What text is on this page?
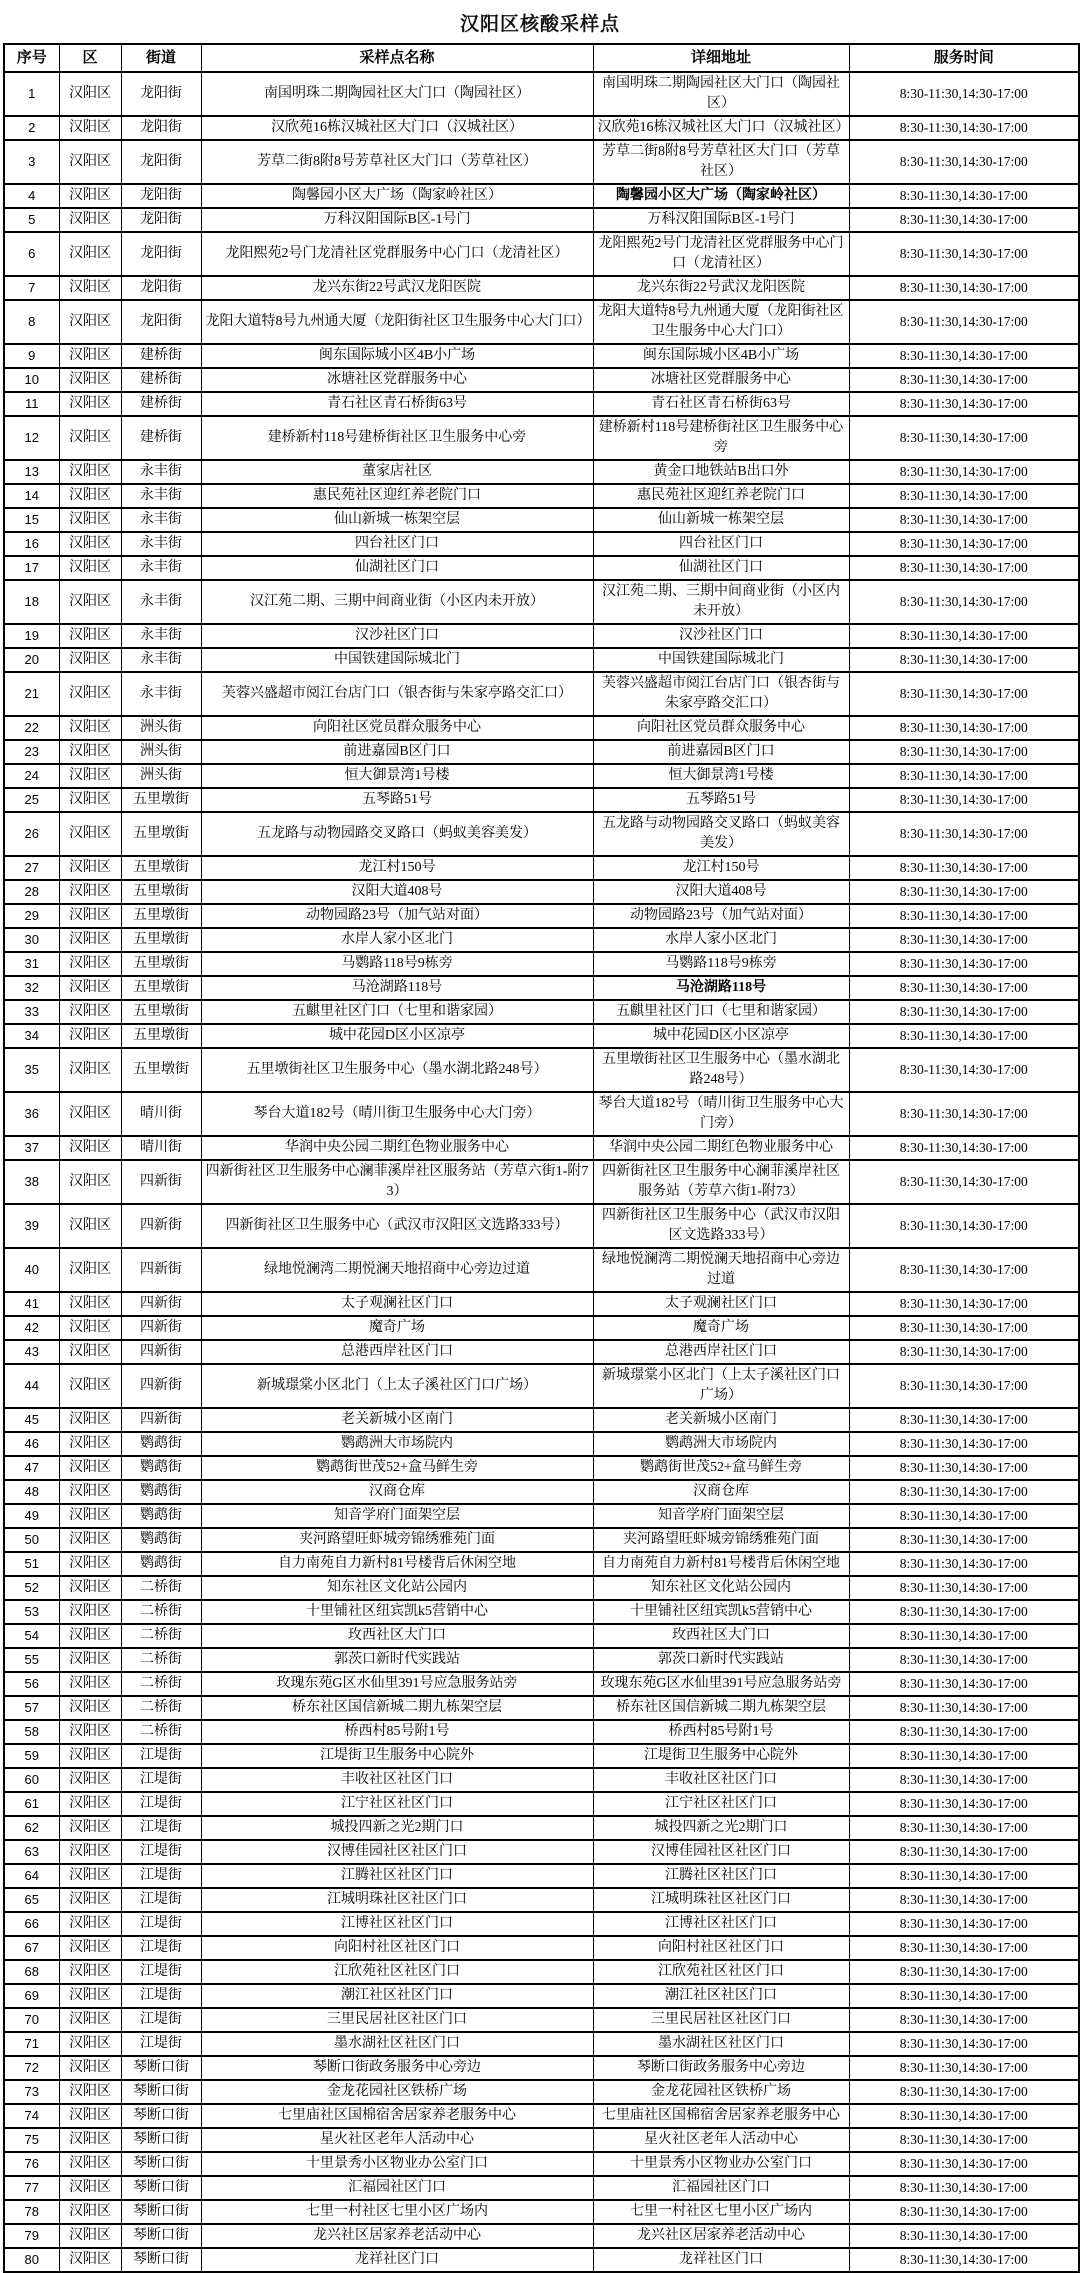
汉阳区核酸采样点
序号	区	街道	采样点名称	详细地址	服务时间
1	汉阳区	龙阳街	南国明珠二期陶园社区大门口（陶园社区）	南国明珠二期陶园社区大门口（陶园社区）	8:30-11:30,14:30-17:00
2	汉阳区	龙阳街	汉欣苑16栋汉城社区大门口（汉城社区）	汉欣苑16栋汉城社区大门口（汉城社区）	8:30-11:30,14:30-17:00
3	汉阳区	龙阳街	芳草二街8附8号芳草社区大门口（芳草社区）	芳草二街8附8号芳草社区大门口（芳草社区）	8:30-11:30,14:30-17:00
4	汉阳区	龙阳街	陶馨园小区大广场（陶家岭社区）	陶馨园小区大广场（陶家岭社区）	8:30-11:30,14:30-17:00
5	汉阳区	龙阳街	万科汉阳国际B区-1号门	万科汉阳国际B区-1号门	8:30-11:30,14:30-17:00
6	汉阳区	龙阳街	龙阳熙苑2号门龙清社区党群服务中心门口（龙清社区）	龙阳熙苑2号门龙清社区党群服务中心门口（龙清社区）	8:30-11:30,14:30-17:00
7	汉阳区	龙阳街	龙兴东街22号武汉龙阳医院	龙兴东街22号武汉龙阳医院	8:30-11:30,14:30-17:00
8	汉阳区	龙阳街	龙阳大道特8号九州通大厦（龙阳街社区卫生服务中心大门口）	龙阳大道特8号九州通大厦（龙阳街社区卫生服务中心大门口）	8:30-11:30,14:30-17:00
9	汉阳区	建桥街	闽东国际城小区4B小广场	闽东国际城小区4B小广场	8:30-11:30,14:30-17:00
10	汉阳区	建桥街	冰塘社区党群服务中心	冰塘社区党群服务中心	8:30-11:30,14:30-17:00
11	汉阳区	建桥街	青石社区青石桥街63号	青石社区青石桥街63号	8:30-11:30,14:30-17:00
12	汉阳区	建桥街	建桥新村118号建桥街社区卫生服务中心旁	建桥新村118号建桥街社区卫生服务中心旁	8:30-11:30,14:30-17:00
13	汉阳区	永丰街	董家店社区	黄金口地铁站B出口外	8:30-11:30,14:30-17:00
14	汉阳区	永丰街	惠民苑社区迎红养老院门口	惠民苑社区迎红养老院门口	8:30-11:30,14:30-17:00
15	汉阳区	永丰街	仙山新城一栋架空层	仙山新城一栋架空层	8:30-11:30,14:30-17:00
16	汉阳区	永丰街	四台社区门口	四台社区门口	8:30-11:30,14:30-17:00
17	汉阳区	永丰街	仙湖社区门口	仙湖社区门口	8:30-11:30,14:30-17:00
18	汉阳区	永丰街	汉江苑二期、三期中间商业街（小区内未开放）	汉江苑二期、三期中间商业街（小区内未开放）	8:30-11:30,14:30-17:00
19	汉阳区	永丰街	汉沙社区门口	汉沙社区门口	8:30-11:30,14:30-17:00
20	汉阳区	永丰街	中国铁建国际城北门	中国铁建国际城北门	8:30-11:30,14:30-17:00
21	汉阳区	永丰街	芙蓉兴盛超市阅江台店门口（银杏街与朱家亭路交汇口）	芙蓉兴盛超市阅江台店门口（银杏街与朱家亭路交汇口）	8:30-11:30,14:30-17:00
22	汉阳区	洲头街	向阳社区党员群众服务中心	向阳社区党员群众服务中心	8:30-11:30,14:30-17:00
23	汉阳区	洲头街	前进嘉园B区门口	前进嘉园B区门口	8:30-11:30,14:30-17:00
24	汉阳区	洲头街	恒大御景湾1号楼	恒大御景湾1号楼	8:30-11:30,14:30-17:00
25	汉阳区	五里墩街	五琴路51号	五琴路51号	8:30-11:30,14:30-17:00
26	汉阳区	五里墩街	五龙路与动物园路交叉路口（蚂蚁美容美发）	五龙路与动物园路交叉路口（蚂蚁美容美发）	8:30-11:30,14:30-17:00
27	汉阳区	五里墩街	龙江村150号	龙江村150号	8:30-11:30,14:30-17:00
28	汉阳区	五里墩街	汉阳大道408号	汉阳大道408号	8:30-11:30,14:30-17:00
29	汉阳区	五里墩街	动物园路23号（加气站对面）	动物园路23号（加气站对面）	8:30-11:30,14:30-17:00
30	汉阳区	五里墩街	水岸人家小区北门	水岸人家小区北门	8:30-11:30,14:30-17:00
31	汉阳区	五里墩街	马鹦路118号9栋旁	马鹦路118号9栋旁	8:30-11:30,14:30-17:00
32	汉阳区	五里墩街	马沧湖路118号	马沧湖路118号	8:30-11:30,14:30-17:00
33	汉阳区	五里墩街	五麒里社区门口（七里和谐家园）	五麒里社区门口（七里和谐家园）	8:30-11:30,14:30-17:00
34	汉阳区	五里墩街	城中花园D区小区凉亭	城中花园D区小区凉亭	8:30-11:30,14:30-17:00
35	汉阳区	五里墩街	五里墩街社区卫生服务中心（墨水湖北路248号）	五里墩街社区卫生服务中心（墨水湖北路248号）	8:30-11:30,14:30-17:00
36	汉阳区	晴川街	琴台大道182号（晴川街卫生服务中心大门旁）	琴台大道182号（晴川街卫生服务中心大门旁）	8:30-11:30,14:30-17:00
37	汉阳区	晴川街	华润中央公园二期红色物业服务中心	华润中央公园二期红色物业服务中心	8:30-11:30,14:30-17:00
38	汉阳区	四新街	四新街社区卫生服务中心澜菲溪岸社区服务站（芳草六街1-附73）	四新街社区卫生服务中心澜菲溪岸社区服务站（芳草六街1-附73）	8:30-11:30,14:30-17:00
39	汉阳区	四新街	四新街社区卫生服务中心（武汉市汉阳区文选路333号）	四新街社区卫生服务中心（武汉市汉阳区文选路333号）	8:30-11:30,14:30-17:00
40	汉阳区	四新街	绿地悦澜湾二期悦澜天地招商中心旁边过道	绿地悦澜湾二期悦澜天地招商中心旁边过道	8:30-11:30,14:30-17:00
41	汉阳区	四新街	太子观澜社区门口	太子观澜社区门口	8:30-11:30,14:30-17:00
42	汉阳区	四新街	魔奇广场	魔奇广场	8:30-11:30,14:30-17:00
43	汉阳区	四新街	总港西岸社区门口	总港西岸社区门口	8:30-11:30,14:30-17:00
44	汉阳区	四新街	新城璟棠小区北门（上太子溪社区门口广场）	新城璟棠小区北门（上太子溪社区门口广场）	8:30-11:30,14:30-17:00
45	汉阳区	四新街	老关新城小区南门	老关新城小区南门	8:30-11:30,14:30-17:00
46	汉阳区	鹦鹉街	鹦鹉洲大市场院内	鹦鹉洲大市场院内	8:30-11:30,14:30-17:00
47	汉阳区	鹦鹉街	鹦鹉街世茂52+盒马鲜生旁	鹦鹉街世茂52+盒马鲜生旁	8:30-11:30,14:30-17:00
48	汉阳区	鹦鹉街	汉商仓库	汉商仓库	8:30-11:30,14:30-17:00
49	汉阳区	鹦鹉街	知音学府门面架空层	知音学府门面架空层	8:30-11:30,14:30-17:00
50	汉阳区	鹦鹉街	夹河路望旺虾城旁锦绣雅苑门面	夹河路望旺虾城旁锦绣雅苑门面	8:30-11:30,14:30-17:00
51	汉阳区	鹦鹉街	自力南苑自力新村81号楼背后休闲空地	自力南苑自力新村81号楼背后休闲空地	8:30-11:30,14:30-17:00
52	汉阳区	二桥街	知东社区文化站公园内	知东社区文化站公园内	8:30-11:30,14:30-17:00
53	汉阳区	二桥街	十里铺社区纽宾凯k5营销中心	十里铺社区纽宾凯k5营销中心	8:30-11:30,14:30-17:00
54	汉阳区	二桥街	玫西社区大门口	玫西社区大门口	8:30-11:30,14:30-17:00
55	汉阳区	二桥街	郭茨口新时代实践站	郭茨口新时代实践站	8:30-11:30,14:30-17:00
56	汉阳区	二桥街	玫瑰东苑G区水仙里391号应急服务站旁	玫瑰东苑G区水仙里391号应急服务站旁	8:30-11:30,14:30-17:00
57	汉阳区	二桥街	桥东社区国信新城二期九栋架空层	桥东社区国信新城二期九栋架空层	8:30-11:30,14:30-17:00
58	汉阳区	二桥街	桥西村85号附1号	桥西村85号附1号	8:30-11:30,14:30-17:00
59	汉阳区	江堤街	江堤街卫生服务中心院外	江堤街卫生服务中心院外	8:30-11:30,14:30-17:00
60	汉阳区	江堤街	丰收社区社区门口	丰收社区社区门口	8:30-11:30,14:30-17:00
61	汉阳区	江堤街	江宁社区社区门口	江宁社区社区门口	8:30-11:30,14:30-17:00
62	汉阳区	江堤街	城投四新之光2期门口	城投四新之光2期门口	8:30-11:30,14:30-17:00
63	汉阳区	江堤街	汉博佳园社区社区门口	汉博佳园社区社区门口	8:30-11:30,14:30-17:00
64	汉阳区	江堤街	江腾社区社区门口	江腾社区社区门口	8:30-11:30,14:30-17:00
65	汉阳区	江堤街	江城明珠社区社区门口	江城明珠社区社区门口	8:30-11:30,14:30-17:00
66	汉阳区	江堤街	江博社区社区门口	江博社区社区门口	8:30-11:30,14:30-17:00
67	汉阳区	江堤街	向阳村社区社区门口	向阳村社区社区门口	8:30-11:30,14:30-17:00
68	汉阳区	江堤街	江欣苑社区社区门口	江欣苑社区社区门口	8:30-11:30,14:30-17:00
69	汉阳区	江堤街	潮江社区社区门口	潮江社区社区门口	8:30-11:30,14:30-17:00
70	汉阳区	江堤街	三里民居社区社区门口	三里民居社区社区门口	8:30-11:30,14:30-17:00
71	汉阳区	江堤街	墨水湖社区社区门口	墨水湖社区社区门口	8:30-11:30,14:30-17:00
72	汉阳区	琴断口街	琴断口街政务服务中心旁边	琴断口街政务服务中心旁边	8:30-11:30,14:30-17:00
73	汉阳区	琴断口街	金龙花园社区铁桥广场	金龙花园社区铁桥广场	8:30-11:30,14:30-17:00
74	汉阳区	琴断口街	七里庙社区国棉宿舍居家养老服务中心	七里庙社区国棉宿舍居家养老服务中心	8:30-11:30,14:30-17:00
75	汉阳区	琴断口街	星火社区老年人活动中心	星火社区老年人活动中心	8:30-11:30,14:30-17:00
76	汉阳区	琴断口街	十里景秀小区物业办公室门口	十里景秀小区物业办公室门口	8:30-11:30,14:30-17:00
77	汉阳区	琴断口街	汇福园社区门口	汇福园社区门口	8:30-11:30,14:30-17:00
78	汉阳区	琴断口街	七里一村社区七里小区广场内	七里一村社区七里小区广场内	8:30-11:30,14:30-17:00
79	汉阳区	琴断口街	龙兴社区居家养老活动中心	龙兴社区居家养老活动中心	8:30-11:30,14:30-17:00
80	汉阳区	琴断口街	龙祥社区门口	龙祥社区门口	8:30-11:30,14:30-17:00
